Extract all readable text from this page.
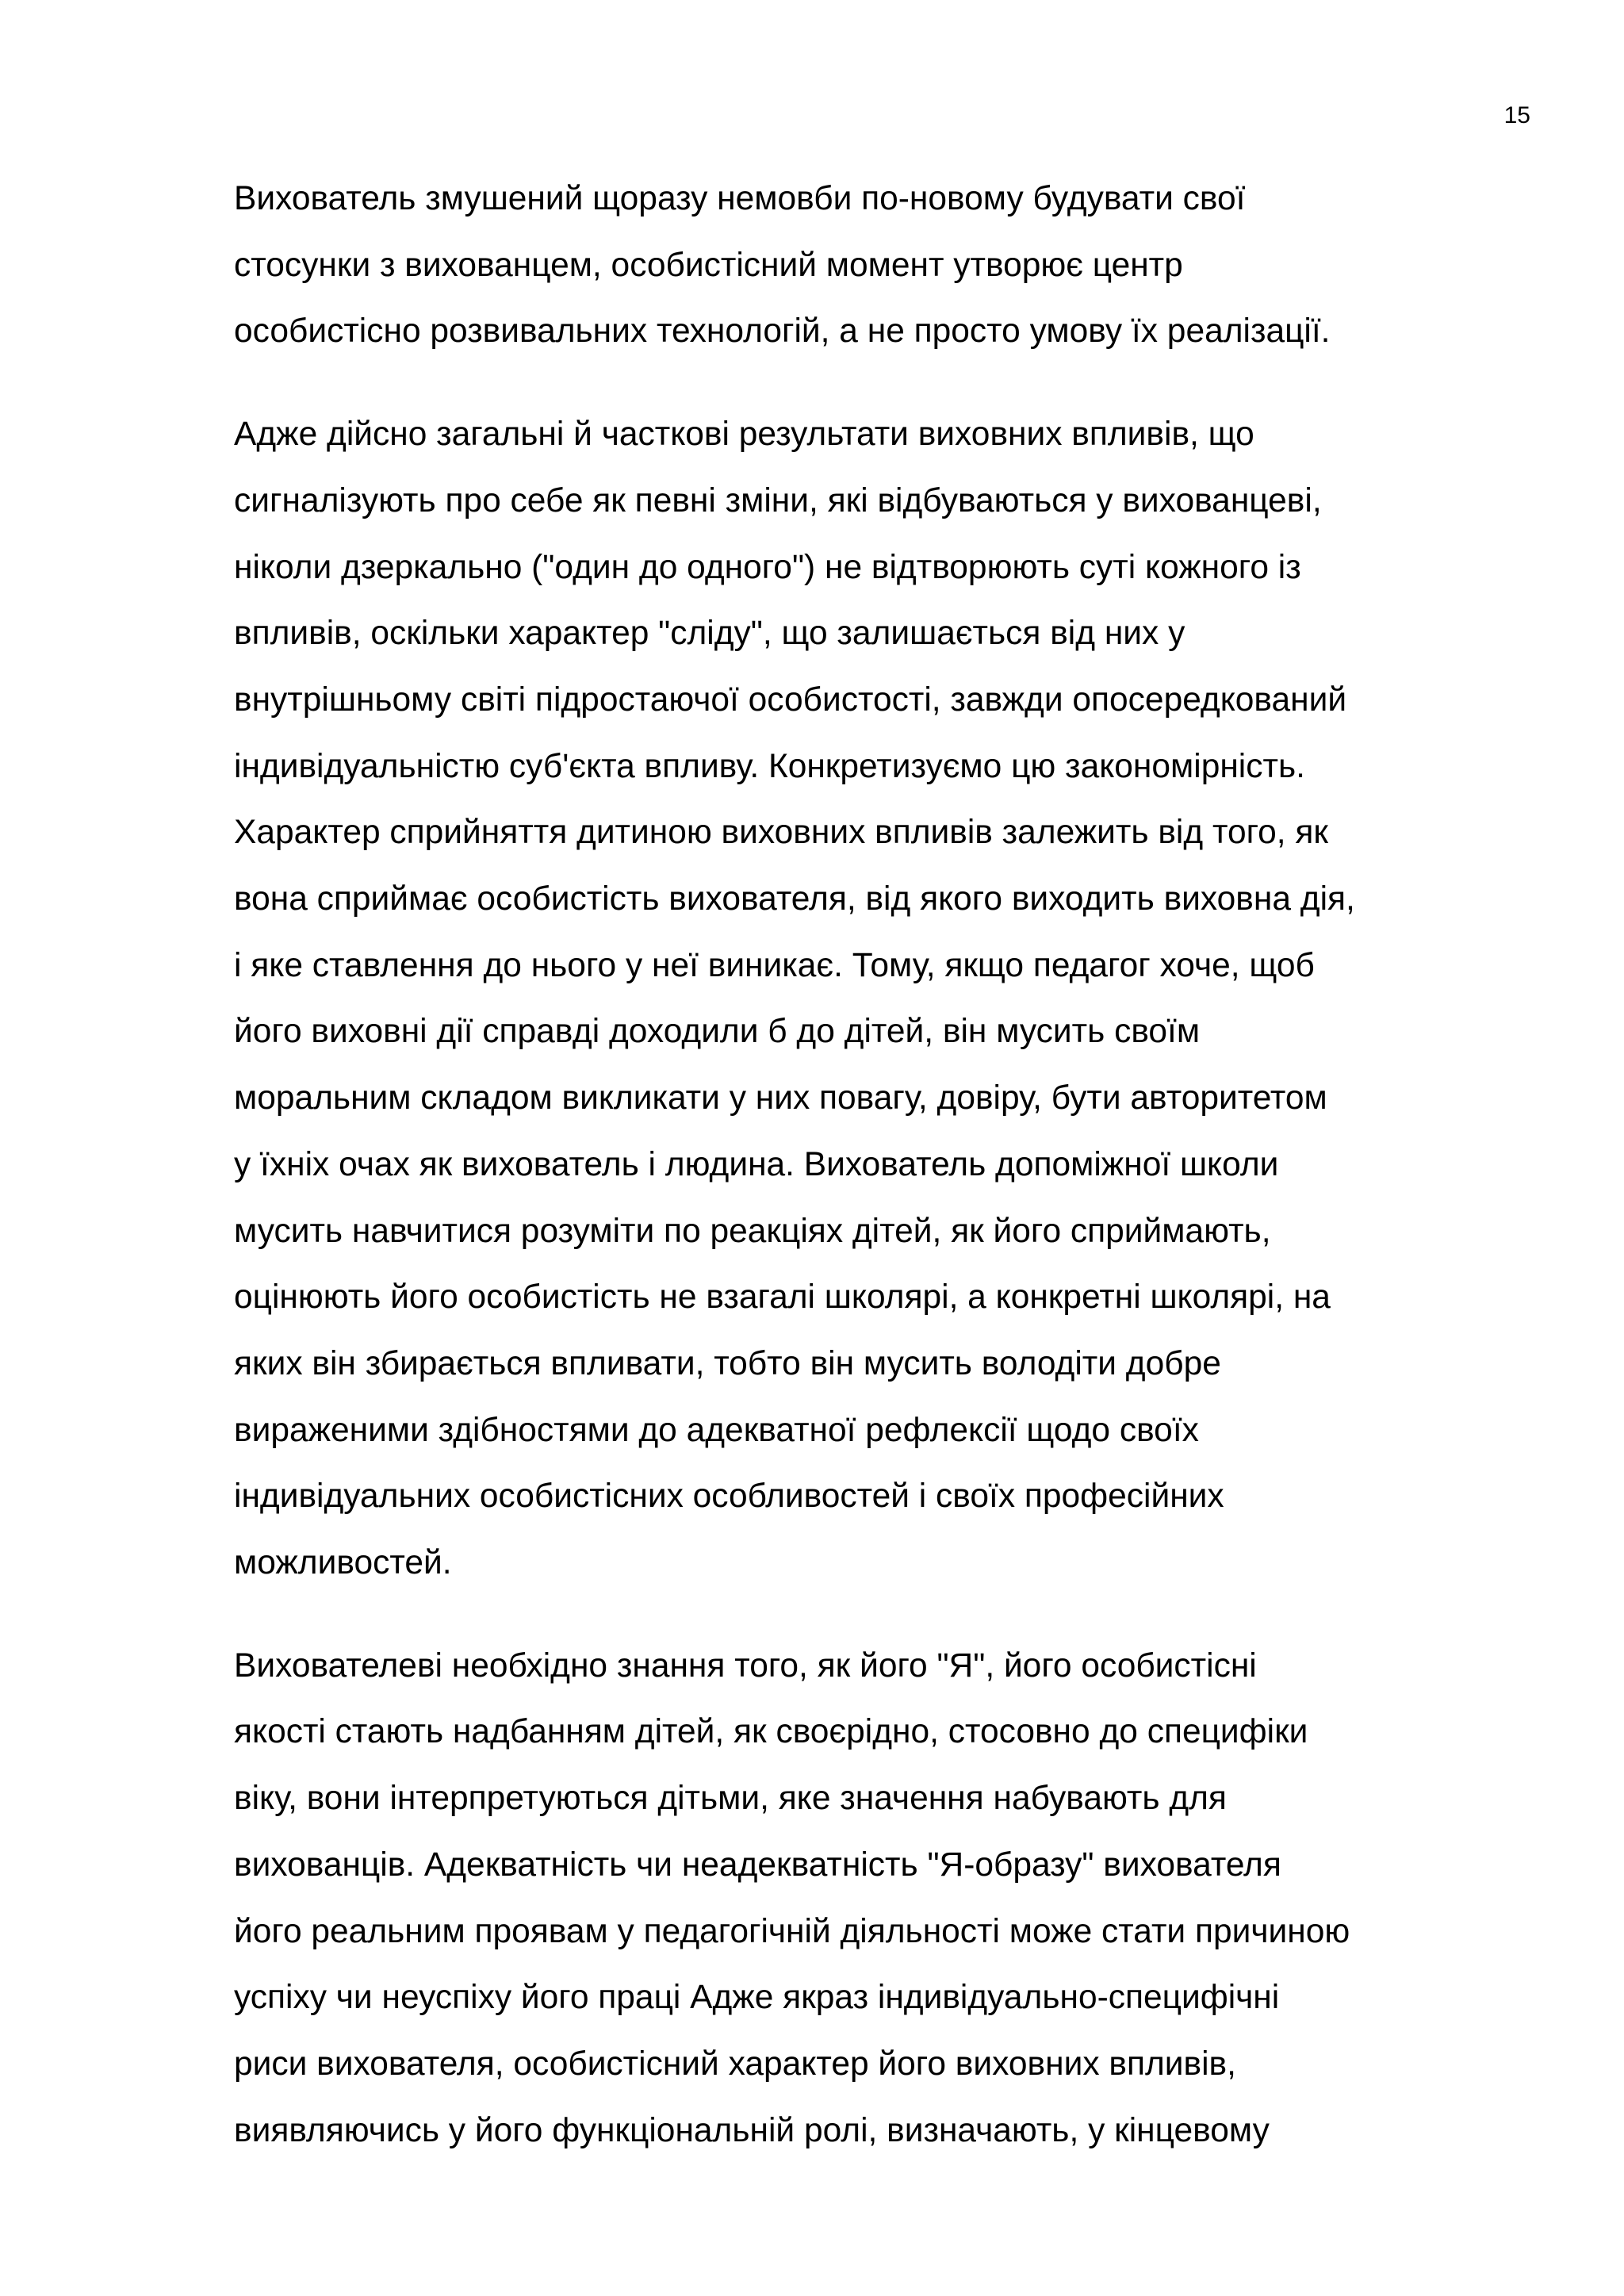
15

Вихователь змушений щоразу немовби по-новому будувати свої
стосунки з вихованцем, особистісний момент утворює центр
особистісно розвивальних технологій, а не просто умову їх реалізації.

Адже дійсно загальні й часткові результати виховних впливів, що
сигналізують про себе як певні зміни, які відбуваються у вихованцеві,
ніколи дзеркально ("один до одного") не відтворюють суті кожного із
впливів, оскільки характер "сліду", що залишається від них у
внутрішньому світі підростаючої особистості, завжди опосередкований
індивідуальністю суб'єкта впливу. Конкретизуємо цю закономірність.
Характер сприйняття дитиною виховних впливів залежить від того, як
вона сприймає особистість вихователя, від якого виходить виховна дія,
і яке ставлення до нього у неї виникає. Тому, якщо педагог хоче, щоб
його виховні дії справді доходили б до дітей, він мусить своїм
моральним складом викликати у них повагу, довіру, бути авторитетом
у їхніх очах як вихователь і людина. Вихователь допоміжної школи
мусить навчитися розуміти по реакціях дітей, як його сприймають,
оцінюють його особистість не взагалі школярі, а конкретні школярі, на
яких він збирається впливати, тобто він мусить володіти добре
вираженими здібностями до адекватної рефлексії щодо своїх
індивідуальних особистісних особливостей і своїх професійних
можливостей.

Вихователеві необхідно знання того, як його "Я", його особистісні
якості стають надбанням дітей, як своєрідно, стосовно до специфіки
віку, вони інтерпретуються дітьми, яке значення набувають для
вихованців. Адекватність чи неадекватність "Я-образу" вихователя
його реальним проявам у педагогічній діяльності може стати причиною
успіху чи неуспіху його праці Адже якраз індивідуально-специфічні
риси вихователя, особистісний характер його виховних впливів,
виявляючись у його функціональній ролі, визначають, у кінцевому
